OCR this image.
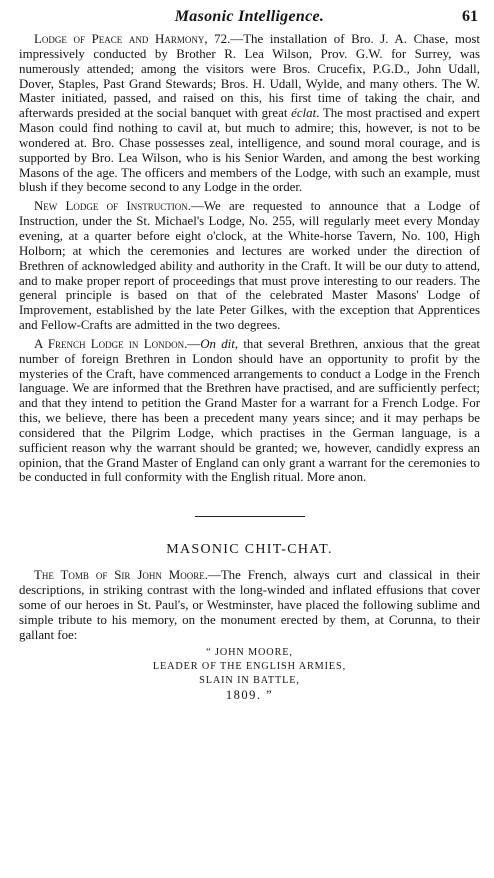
Masonic Intelligence.	61

Lodge of Peace and Harmony, 72.—The installation of Bro. J. A. Chase, most impressively conducted by Brother R. Lea Wilson, Prov. G.W. for Surrey, was numerously attended; among the visitors were Bros. Crucefix, P.G.D., John Udall, Dover, Staples, Past Grand Stewards; Bros. H. Udall, Wylde, and many others. The W. Master initiated, passed, and raised on this, his first time of taking the chair, and afterwards presided at the social banquet with great éclat. The most practised and expert Mason could find nothing to cavil at, but much to admire; this, however, is not to be wondered at. Bro. Chase possesses zeal, intelligence, and sound moral courage, and is supported by Bro. Lea Wilson, who is his Senior Warden, and among the best working Masons of the age. The officers and members of the Lodge, with such an example, must blush if they become second to any Lodge in the order.

New Lodge of Instruction.—We are requested to announce that a Lodge of Instruction, under the St. Michael's Lodge, No. 255, will regularly meet every Monday evening, at a quarter before eight o'clock, at the White-horse Tavern, No. 100, High Holborn; at which the ceremonies and lectures are worked under the direction of Brethren of acknowledged ability and authority in the Craft. It will be our duty to attend, and to make proper report of proceedings that must prove interesting to our readers. The general principle is based on that of the celebrated Master Masons' Lodge of Improvement, established by the late Peter Gilkes, with the exception that Apprentices and Fellow-Crafts are admitted in the two degrees.

A French Lodge in London.—On dit, that several Brethren, anxious that the great number of foreign Brethren in London should have an opportunity to profit by the mysteries of the Craft, have commenced arrangements to conduct a Lodge in the French language. We are informed that the Brethren have practised, and are sufficiently perfect; and that they intend to petition the Grand Master for a warrant for a French Lodge. For this, we believe, there has been a precedent many years since; and it may perhaps be considered that the Pilgrim Lodge, which practises in the German language, is a sufficient reason why the warrant should be granted; we, however, candidly express an opinion, that the Grand Master of England can only grant a warrant for the ceremonies to be conducted in full conformity with the English ritual. More anon.

MASONIC CHIT-CHAT.

The Tomb of Sir John Moore.—The French, always curt and classical in their descriptions, in striking contrast with the long-winded and inflated effusions that cover some of our heroes in St. Paul's, or Westminster, have placed the following sublime and simple tribute to his memory, on the monument erected by them, at Corunna, to their gallant foe:

“ JOHN MOORE,
LEADER OF THE ENGLISH ARMIES,
SLAIN IN BATTLE,
1809. ”
